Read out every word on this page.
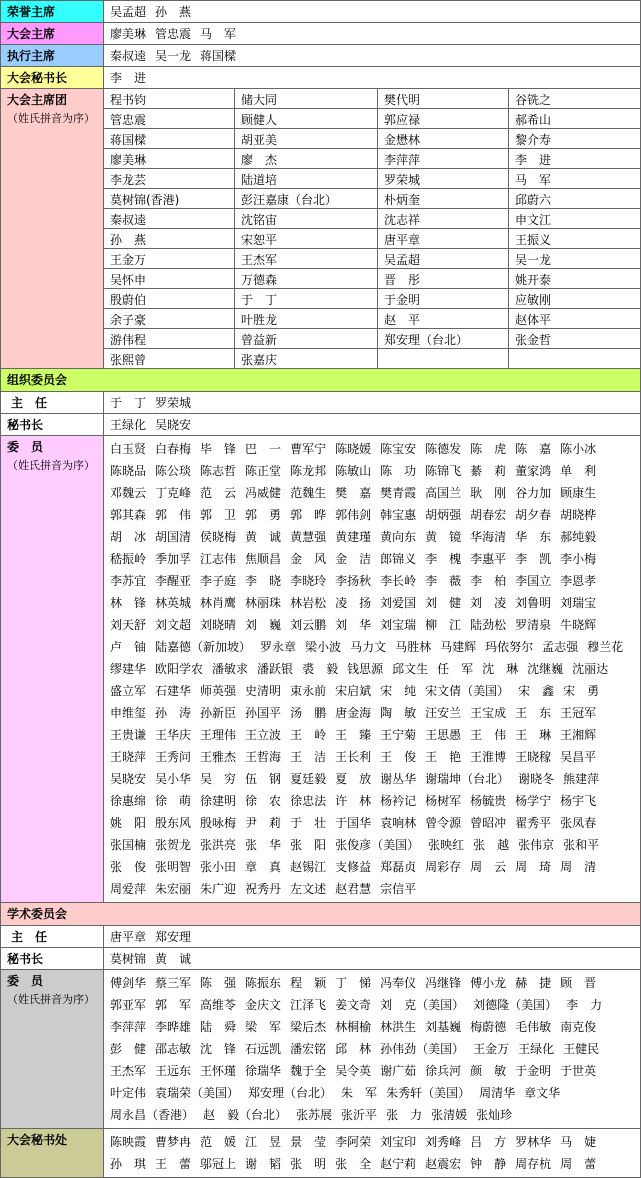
荣誉主席	吴孟超 孙　燕
大会主席	廖美琳 管忠震 马　军
执行主席	秦叔逵 吴一龙 蒋国樑
大会秘书长	李　进
大会主席团
（姓氏拼音为序）
程书钧	储大同	樊代明	谷铣之
管忠震	顾健人	郭应禄	郝希山
蒋国樑	胡亚美	金懋林	黎介寿
廖美琳	廖　杰	李萍萍	李　进
李龙芸	陆道培	罗荣城	马　军
莫树锦(香港)	彭汪嘉康（台北）	朴炳奎	邱蔚六
秦叔逵	沈铭宙	沈志祥	申文江
孙　燕	宋恕平	唐平章	王振义
王金万	王杰军	吴孟超	吴一龙
吴怀申	万德森	晋　彤	姚开泰
殷蔚伯	于　丁	于金明	应敏刚
余子豪	叶胜龙	赵　平	赵体平
游伟程	曾益新	郑安理（台北）	张金哲
张熙曾	张嘉庆
组织委员会
主　任	于　丁 罗荣城
秘书长	王绿化 吴晓安
委　员
（姓氏拼音为序）
白玉贤 白春梅 毕　锋 巴　一 曹军宁 陈晓媛 陈宝安 陈德发 陈　虎 陈　嘉 陈小冰陈晓品 陈公琰 陈志哲 陈正堂 陈龙邦 陈敏山 陈　功 陈锦飞 綦　莉 董家鸿 单　利邓魏云 丁克峰 范　云 冯威健 范魏生 樊　嘉 樊青霞 高国兰 耿　刚 谷力加 顾康生郭其森 郭　伟 郭　卫 郭　勇 郭　晔 郭伟剑 韩宝惠 胡炳强 胡春宏 胡夕春 胡晓桦胡　冰 胡国清 侯晓梅 黄　诚 黄慧强 黄建瑾 黄向东 黄　镜 华海清 华　东 郝纯毅嵇振岭 季加孚 江志伟 焦顺昌 金　风 金　洁 郎锦义 李　槐 李惠平 李　凯 李小梅李苏宜 李醒亚 李子庭 李　晓 李晓玲 李扬秋 李长岭 李　薇 李　柏 李国立 李恩孝林　锋 林英城 林肖鹰 林丽珠 林岩松 凌　扬 刘爱国 刘　健 刘　凌 刘鲁明 刘瑞宝刘天舒 刘文超 刘晓晴 刘　巍 刘云鹏 刘　华 刘宝瑞 柳　江 陆劲松 罗清泉 牛晓辉卢　铀 陆嘉德（新加坡） 罗永章 梁小波 马力文 马胜林 马建辉 玛依努尔 孟志强 穆兰花缪建华 欧阳学农 潘敏求 潘跃银 裘　毅 钱思源 邱文生 任　军 沈　琳 沈继巍 沈丽达盛立军 石建华 师英强 史清明 束永前 宋启斌 宋　纯 宋文倩（美国） 宋　鑫 宋　勇申维玺 孙　涛 孙新臣 孙国平 汤　鹏 唐金海 陶　敏 汪安兰 王宝成 王　东 王冠军王贵谦 王华庆 王理伟 王立波 王　岭 王　臻 王宁菊 王思愚 王　伟 王　琳 王湘辉王晓萍 王秀问 王雅杰 王哲海 王　洁 王长利 王　俊 王　艳 王淮博 王晓稼 吴昌平吴晓安 吴小华 吴　穷 伍　钢 夏廷毅 夏　放 谢丛华 谢瑞坤（台北） 谢晓冬 熊建萍徐惠绵 徐　萌 徐建明 徐　农 徐忠法 许　林 杨衿记 杨树军 杨毓贵 杨学宁 杨宇飞姚　阳 殷东风 殷咏梅 尹　莉 于　壮 于国华 袁响林 曾令源 曾昭冲 翟秀平 张凤春张国楠 张贺龙 张洪亮 张　华 张　阳 张俊彦（美国） 张映红 张　越 张伟京 张和平张　俊 张明智 张小田 章　真 赵锡江 支修益 郑磊贞 周彩存 周　云 周　琦 周　清周爱萍 朱宏丽 朱广迎 祝秀丹 左文述 赵君慧 宗信平
学术委员会
主　任	唐平章 郑安理
秘书长	莫树锦 黄　诚
委　员
（姓氏拼音为序）
傅剑华 蔡三军 陈　强 陈振东 程　颖 丁　悌 冯奉仪 冯继锋 傅小龙 赫　捷 顾　晋郭亚军 郭　军 高维苓 金庆文 江泽飞 姜文奇 刘　克（美国） 刘德隆（美国） 李　力李萍萍 李晔雄 陆　舜 梁　军 梁后杰 林桐榆 林洪生 刘基巍 梅蔚德 毛伟敏 南克俊彭　健 邵志敏 沈　锋 石远凯 潘宏铭 邱　林 孙伟劲（美国） 王金万 王绿化 王健民王杰军 王远东 王怀瑾 徐瑞华 魏于全 吴令英 谢广茹 徐兵河 颜　敏 于金明 于世英叶定伟 袁瑞荣（美国） 郑安理（台北） 朱　军 朱秀轩（美国） 周清华 章文华周永昌（香港） 赵　毅（台北） 张苏展 张沂平 张　力 张清媛 张灿珍
大会秘书处	陈映霞 曹梦冉 范　媛 江　昱 景　莹 李阿荣 刘宝印 刘秀峰 吕　方 罗林华 马　婕孙　琪 王　蕾 邬冠上 谢　韬 张　明 张　全 赵宁莉 赵震宏 钟　静 周存杭 周　蕾
